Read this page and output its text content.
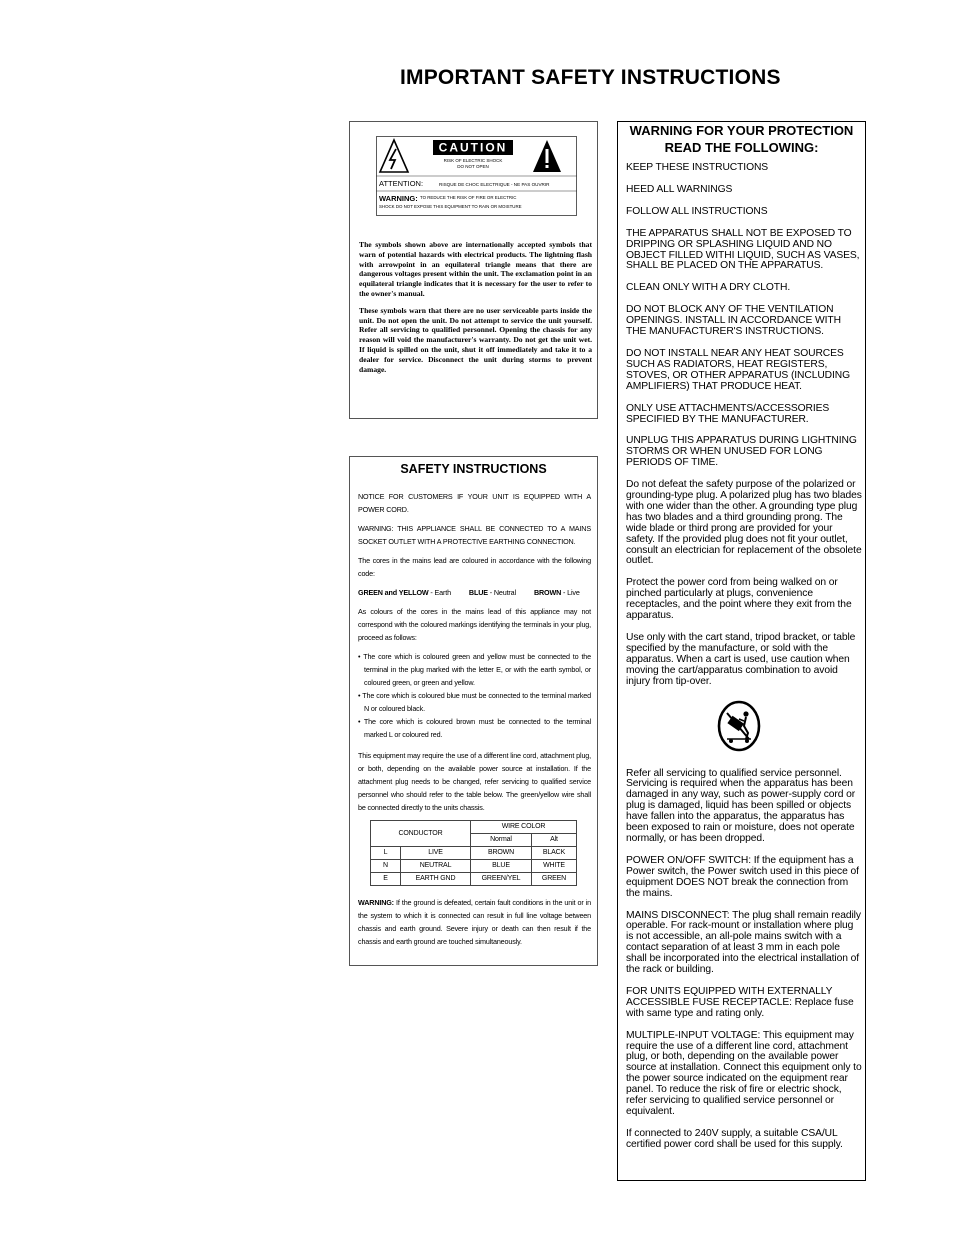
IMPORTANT SAFETY INSTRUCTIONS
CAUTION
RISK OF ELECTRIC SHOCK
DO NOT OPEN
ATTENTION:	RISQUE DE CHOC ELECTRIQUE - NE PAS OUVRIR
WARNING: TO REDUCE THE RISK OF FIRE OR ELECTRIC
SHOCK DO NOT EXPOSE THIS EQUIPMENT TO RAIN OR MOISTURE

The symbols shown above are internationally accepted symbols that warn of potential hazards with electrical products. The lightning flash with arrowpoint in an equilateral triangle means that there are dangerous voltages present within the unit. The exclamation point in an equilateral triangle indicates that it is necessary for the user to refer to the owner's manual.

These symbols warn that there are no user serviceable parts inside the unit. Do not open the unit. Do not attempt to service the unit yourself. Refer all servicing to qualified personnel. Opening the chassis for any reason will void the manufacturer's warranty. Do not get the unit wet. If liquid is spilled on the unit, shut it off immediately and take it to a dealer for service. Disconnect the unit during storms to prevent damage.

SAFETY INSTRUCTIONS

NOTICE FOR CUSTOMERS IF YOUR UNIT IS EQUIPPED WITH A POWER CORD.

WARNING: THIS APPLIANCE SHALL BE CONNECTED TO A MAINS SOCKET OUTLET WITH A PROTECTIVE EARTHING CONNECTION.

The cores in the mains lead are coloured in accordance with the following code:

GREEN and YELLOW - Earth	BLUE - Neutral	BROWN - Live

As colours of the cores in the mains lead of this appliance may not correspond with the coloured markings identifying the terminals in your plug, proceed as follows:

• The core which is coloured green and yellow must be connected to the terminal in the plug marked with the letter E, or with the earth symbol, or coloured green, or green and yellow.

• The core which is coloured blue must be connected to the terminal marked N or coloured black.

• The core which is coloured brown must be connected to the terminal marked L or coloured red.

This equipment may require the use of a different line cord, attachment plug, or both, depending on the available power source at installation. If the attachment plug needs to be changed, refer servicing to qualified service personnel who should refer to the table below. The green/yellow wire shall be connected directly to the units chassis.

CONDUCTOR		WIRE COLOR	
		Normal	Alt
L	LIVE	BROWN	BLACK
N	NEUTRAL	BLUE	WHITE
E	EARTH GND	GREEN/YEL	GREEN

WARNING: If the ground is defeated, certain fault conditions in the unit or in the system to which it is connected can result in full line voltage between chassis and earth ground. Severe injury or death can then result if the chassis and earth ground are touched simultaneously.

WARNING FOR YOUR PROTECTION
READ THE FOLLOWING:

KEEP THESE INSTRUCTIONS

HEED ALL WARNINGS

FOLLOW ALL INSTRUCTIONS

THE APPARATUS SHALL NOT BE EXPOSED TO DRIPPING OR SPLASHING LIQUID AND NO OBJECT FILLED WITHI LIQUID, SUCH AS VASES, SHALL BE PLACED ON THE APPARATUS.

CLEAN ONLY WITH A DRY CLOTH.

DO NOT BLOCK ANY OF THE VENTILATION OPENINGS. INSTALL IN ACCORDANCE WITH THE MANUFACTURER'S INSTRUCTIONS.

DO NOT INSTALL NEAR ANY HEAT SOURCES SUCH AS RADIATORS, HEAT REGISTERS, STOVES, OR OTHER APPARATUS (INCLUDING AMPLIFIERS) THAT PRODUCE HEAT.

ONLY USE ATTACHMENTS/ACCESSORIES SPECIFIED BY THE MANUFACTURER.

UNPLUG THIS APPARATUS DURING LIGHTNING STORMS OR WHEN UNUSED FOR LONG PERIODS OF TIME.

Do not defeat the safety purpose of the polarized or grounding-type plug. A polarized plug has two blades with one wider than the other. A grounding type plug has two blades and a third grounding prong. The wide blade or third prong are provided for your safety. If the provided plug does not fit your outlet, consult an electrician for replacement of the obsolete outlet.

Protect the power cord from being walked on or pinched particularly at plugs, convenience receptacles, and the point where they exit from the apparatus.

Use only with the cart stand, tripod bracket, or table specified by the manufacture, or sold with the apparatus. When a cart is used, use caution when moving the cart/apparatus combination to avoid injury from tip-over.

Refer all servicing to qualified service personnel. Servicing is required when the apparatus has been damaged in any way, such as power-supply cord or plug is damaged, liquid has been spilled or objects have fallen into the apparatus, the apparatus has been exposed to rain or moisture, does not operate normally, or has been dropped.

POWER ON/OFF SWITCH: If the equipment has a Power switch, the Power switch used in this piece of equipment DOES NOT break the connection from the mains.

MAINS DISCONNECT: The plug shall remain readily operable. For rack-mount or installation where plug is not accessible, an all-pole mains switch with a contact separation of at least 3 mm in each pole shall be incorporated into the electrical installation of the rack or building.

FOR UNITS EQUIPPED WITH EXTERNALLY ACCESSIBLE FUSE RECEPTACLE: Replace fuse with same type and rating only.

MULTIPLE-INPUT VOLTAGE: This equipment may require the use of a different line cord, attachment plug, or both, depending on the available power source at installation. Connect this equipment only to the power source indicated on the equipment rear panel. To reduce the risk of fire or electric shock, refer servicing to qualified service personnel or equivalent.

If connected to 240V supply, a suitable CSA/UL certified power cord shall be used for this supply.
